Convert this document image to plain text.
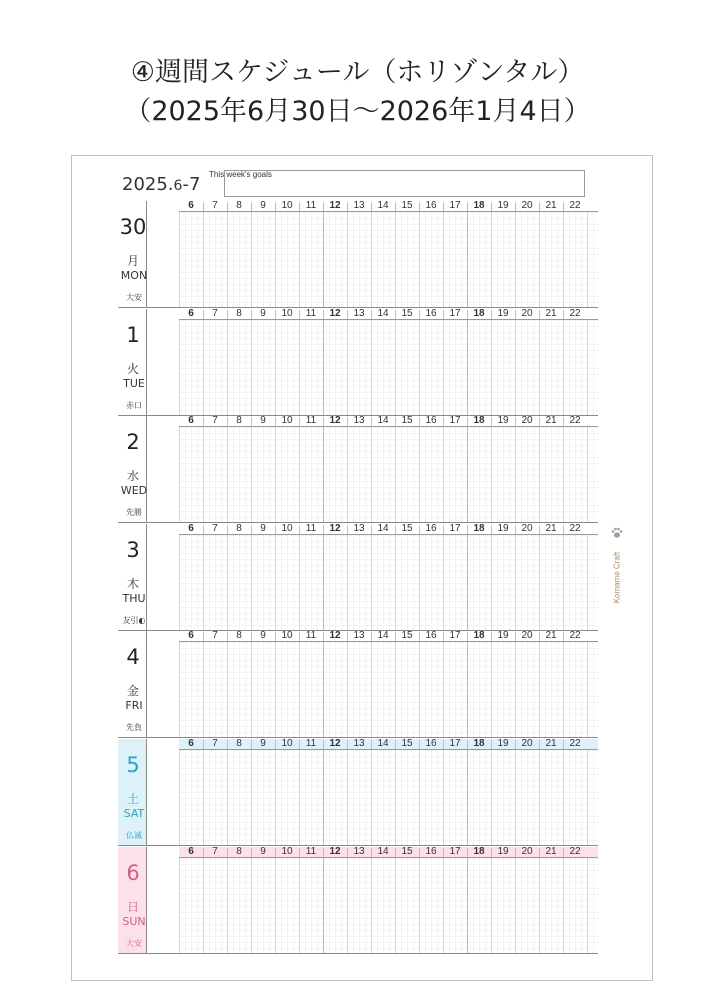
④週間スケジュール（ホリゾンタル）
（2025年6月30日～2026年1月4日）
2025.6-7 This week's goals
30
月
MON
大安
6	7	8	9	10	11	12	13	14	15	16	17	18	19	20	21	22
1
火
TUE
赤口
6	7	8	9	10	11	12	13	14	15	16	17	18	19	20	21	22
2
水
WED
先勝
6	7	8	9	10	11	12	13	14	15	16	17	18	19	20	21	22
3
木
THU
友引◐
6	7	8	9	10	11	12	13	14	15	16	17	18	19	20	21	22
4
金
FRI
先負
6	7	8	9	10	11	12	13	14	15	16	17	18	19	20	21	22
5
土
SAT
仏滅
6	7	8	9	10	11	12	13	14	15	16	17	18	19	20	21	22
6
日
SUN
大安
6	7	8	9	10	11	12	13	14	15	16	17	18	19	20	21	22
Komame Craft
